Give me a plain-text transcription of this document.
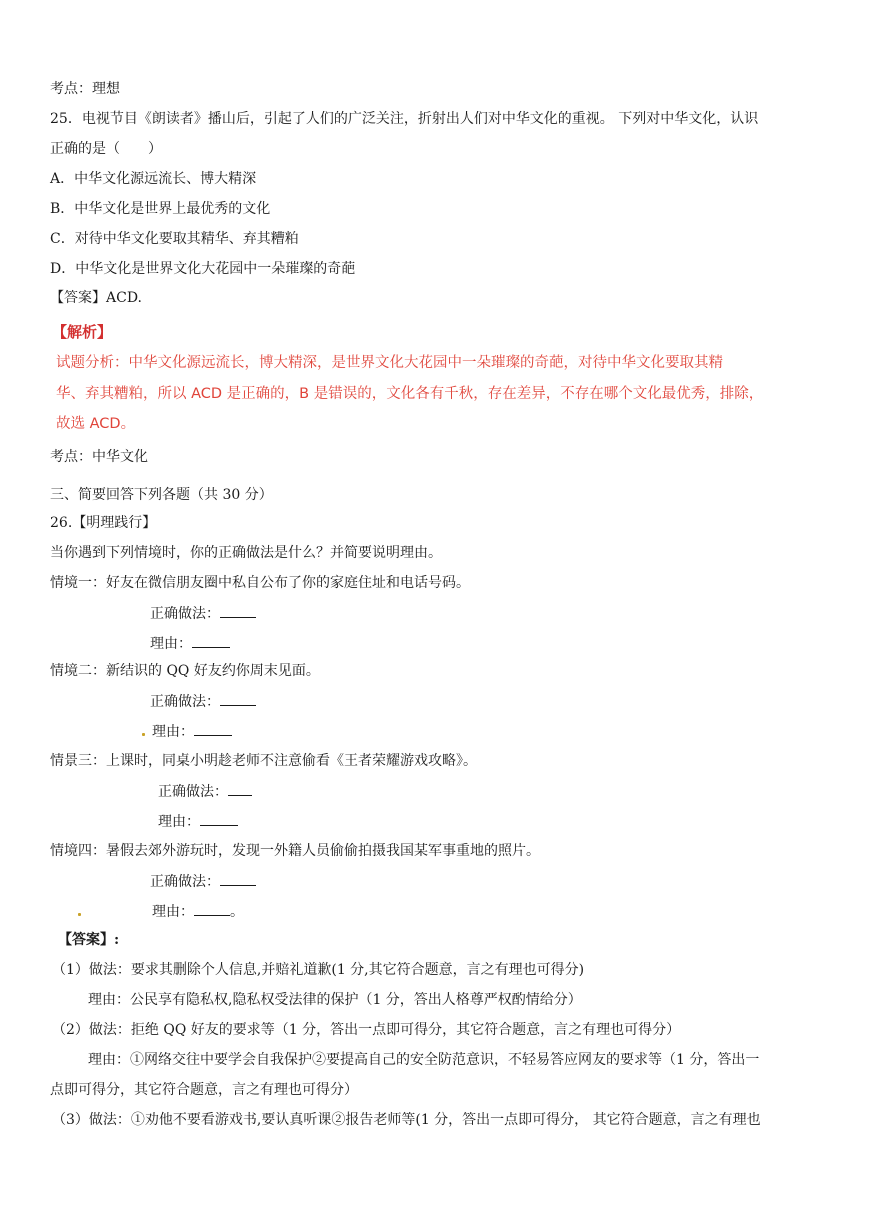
考点：理想
25．电视节目《朗读者》播山后，引起了人们的广泛关注，折射出人们对中华文化的重视。 下列对中华文化，认识
正确的是（　　）
A．中华文化源远流长、博大精深
B．中华文化是世界上最优秀的文化
C．对待中华文化要取其精华、弃其糟粕
D．中华文化是世界文化大花园中一朵璀璨的奇葩
【答案】ACD.
【解析】
试题分析：中华文化源远流长，博大精深，是世界文化大花园中一朵璀璨的奇葩，对待中华文化要取其精
华、弃其糟粕，所以 ACD 是正确的，B 是错误的，文化各有千秋，存在差异，不存在哪个文化最优秀，排除，
故选 ACD。
考点：中华文化
三、简要回答下列各题（共 30 分）
26.【明理践行】
当你遇到下列情境时，你的正确做法是什么？并简要说明理由。
情境一：好友在微信朋友圈中私自公布了你的家庭住址和电话号码。
正确做法：
理由：
情境二：新结识的 QQ 好友约你周末见面。
正确做法：
理由：
情景三：上课时，同桌小明趁老师不注意偷看《王者荣耀游戏攻略》。
正确做法：
理由：
情境四：暑假去郊外游玩时，发现一外籍人员偷偷拍摄我国某军事重地的照片。
正确做法：
理由：	。
【答案】:
（1）做法：要求其删除个人信息,并赔礼道歉(1 分,其它符合题意，言之有理也可得分)
理由：公民享有隐私权,隐私权受法律的保护（1 分，答出人格尊严权酌情给分）
（2）做法：拒绝 QQ 好友的要求等（1 分，答出一点即可得分，其它符合题意，言之有理也可得分）
理由：①网络交往中要学会自我保护②要提高自己的安全防范意识，不轻易答应网友的要求等（1 分，答出一
点即可得分，其它符合题意，言之有理也可得分）
（3）做法：①劝他不要看游戏书,要认真听课②报告老师等(1 分，答出一点即可得分， 其它符合题意，言之有理也
